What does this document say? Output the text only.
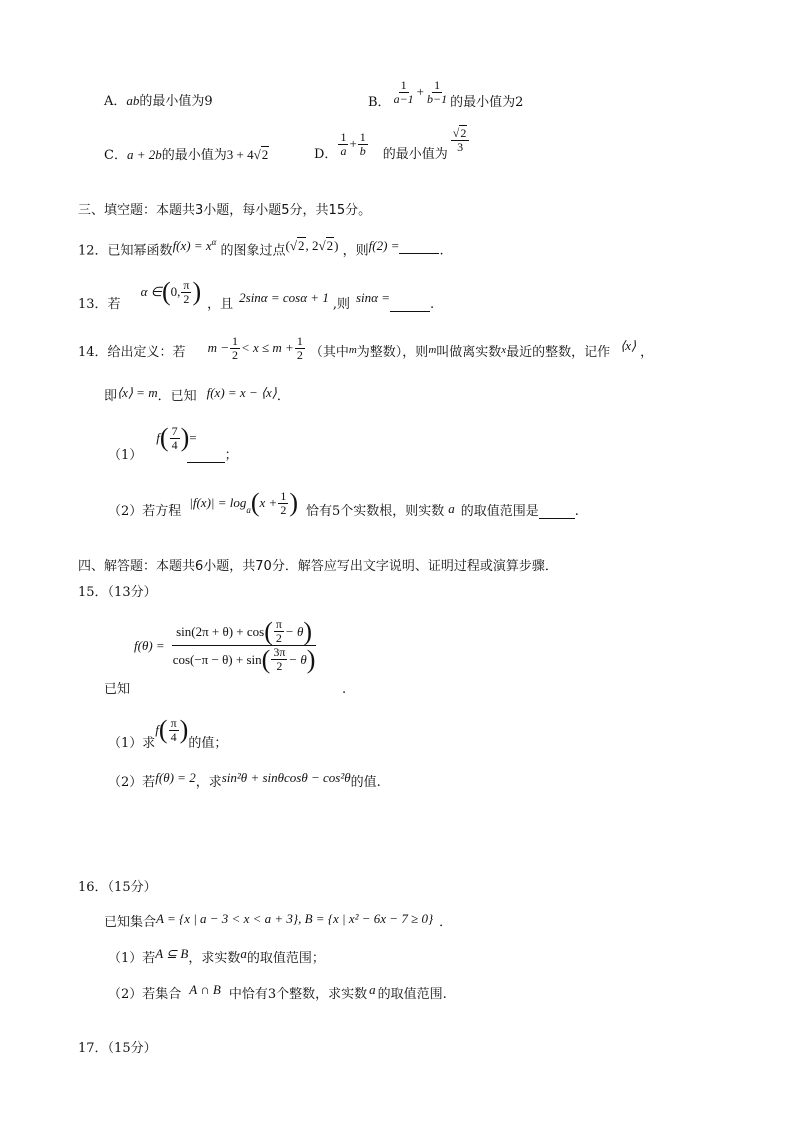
A．ab的最小值为9	B． $\frac{1}{a-1} + \frac{1}{b-1}$ 的最小值为2
C．a + 2b的最小值为3 + 4√2	D． $\frac{1}{a} + \frac{1}{b}$ 的最小值为
$\frac{√2}{3}$
三、填空题：本题共3小题，每小题5分，共15分。
12．已知幂函数$f(x) = x^\alpha$ 的图象过点(√2, 2√2) ，则f(2) =	.
13． 若
α ∈ ( 0, $\frac{\pi}{2}$ ) ，且 2sinα = cosα + 1 ,则 sinα =	.
14． 给出定义：若 $m - \frac{1}{2} < x \le m + \frac{1}{2}$ （其中 m 为整数），则 m 叫做离实数 x 最近的整数，记作 ⟨x⟩ ，
即⟨x⟩ = m．已知 f(x) = x − ⟨x⟩．
（1）
f ( $\frac{7}{4}$ ) =
；
（2）若方程
$|f(x)| = \log_a$ ( $x + \frac{1}{2}$ ) 恰有5个实数根，则实数 a 的取值范围是	.
四、解答题：本题共6小题，共70分．解答应写出文字说明、证明过程或演算步骤．
15．（13分）
$f(\theta) = \frac{\sin(2\pi + \theta) + \cos ( \frac{\pi}{2} - \theta )}{\cos(-\pi - \theta) + \sin ( \frac{3\pi}{2} - \theta )}$
已知	.
（1）求
f ( $\frac{\pi}{4}$ ) 的值；
（2）若f(θ) = 2，求sin²θ + sinθcosθ − cos²θ的值.
16．（15分）
已知集合A = {x | a − 3 < x < a + 3}, B = {x | x² − 6x − 7 ≥ 0} ．
（1）若A ⊆ B，求实数a的取值范围；
（2）若集合 A ∩ B 中恰有3个整数，求实数 a 的取值范围.
17．（15分）
